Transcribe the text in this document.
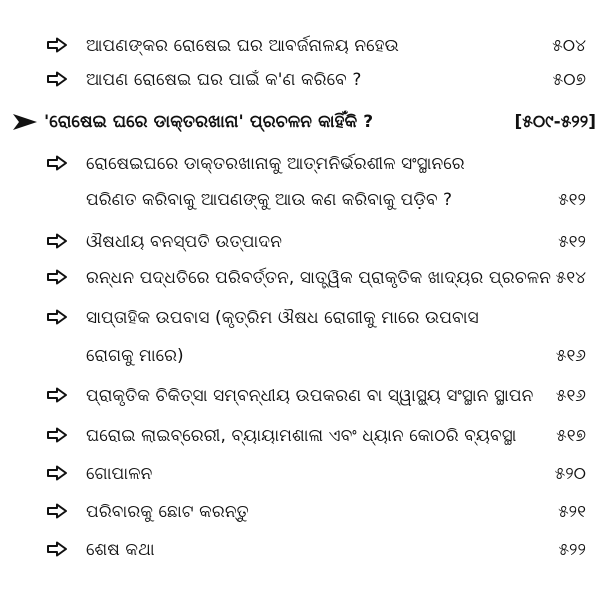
ଆପଣଙ୍କର ରୋଷେଇ ଘର ଆବର୍ଜନାଳୟ ନହେଉ	୫୦୪
ଆପଣ ରୋଷେଇ ଘର ପାଇଁ କ'ଣ କରିବେ ?	୫୦୭
'ରୋଷେଇ ଘରେ ଡାକ୍ତରଖାନା' ପ୍ରଚଳନ କାହିଁକି ?	[୫୦୯-୫୨୨]
ରୋଷେଇଘରେ ଡାକ୍ତରଖାନାକୁ ଆତ୍ମନିର୍ଭରଶୀଳ ସଂସ୍ଥାନରେ
ପରିଣତ କରିବାକୁ ଆପଣଙ୍କୁ ଆଉ କଣ କରିବାକୁ ପଡ଼ିବ ?	୫୧୨
ଔଷଧୀୟ ବନସ୍ପତି ଉତ୍ପାଦନ	୫୧୨
ରନ୍ଧନ ପଦ୍ଧତିରେ ପରିବର୍ତ୍ତନ, ସାତ୍ତ୍ୱିକ ପ୍ରାକୃତିକ ଖାଦ୍ୟର ପ୍ରଚଳନ ୫୧୪
ସାପ୍ତାହିକ ଉପବାସ (କୃତ୍ରିମ ଔଷଧ ରୋଗୀକୁ ମାରେ ଉପବାସ
ରୋଗକୁ ମାରେ)	୫୧୬
ପ୍ରାକୃତିକ ଚିକିତ୍ସା ସମ୍ବନ୍ଧୀୟ ଉପକରଣ ବା ସ୍ୱାସ୍ଥ୍ୟ ସଂସ୍ଥାନ ସ୍ଥାପନ ୫୧୬
ଘରୋଇ ଲାଇବ୍ରେରୀ, ବ୍ୟାୟାମଶାଳା ଏବଂ ଧ୍ୟାନ କୋଠରି ବ୍ୟବସ୍ଥା ୫୧୭
ଗୋପାଳନ	୫୨୦
ପରିବାରକୁ ଛୋଟ କରନ୍ତୁ	୫୨୧
ଶେଷ କଥା	୫୨୨
